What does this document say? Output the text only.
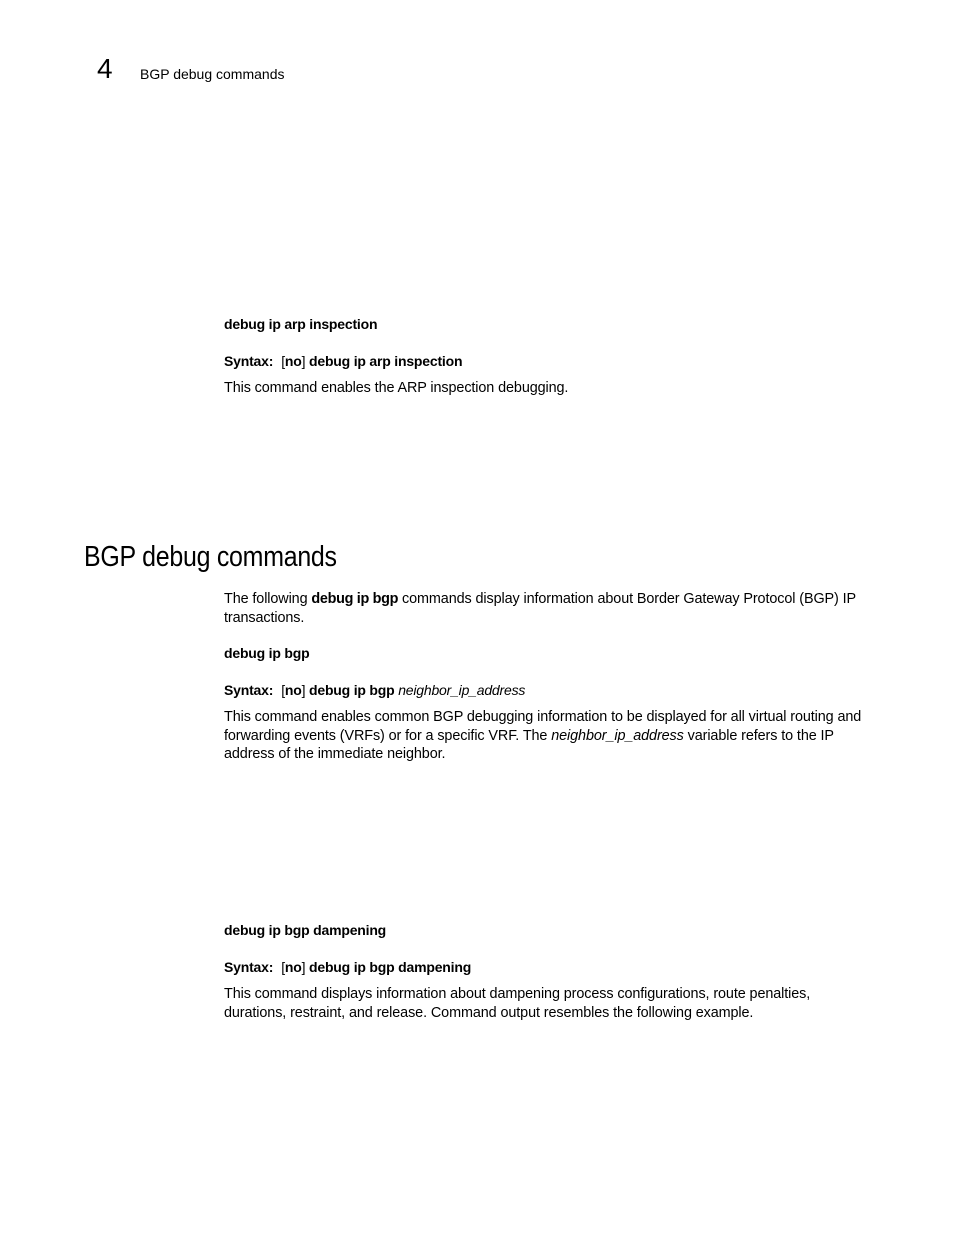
4 BGP debug commands
debug ip arp inspection
Syntax: [no] debug ip arp inspection
This command enables the ARP inspection debugging.
BGP debug commands
The following debug ip bgp commands display information about Border Gateway Protocol (BGP) IP transactions.
debug ip bgp
Syntax: [no] debug ip bgp neighbor_ip_address
This command enables common BGP debugging information to be displayed for all virtual routing and forwarding events (VRFs) or for a specific VRF. The neighbor_ip_address variable refers to the IP address of the immediate neighbor.
debug ip bgp dampening
Syntax: [no] debug ip bgp dampening
This command displays information about dampening process configurations, route penalties, durations, restraint, and release. Command output resembles the following example.
